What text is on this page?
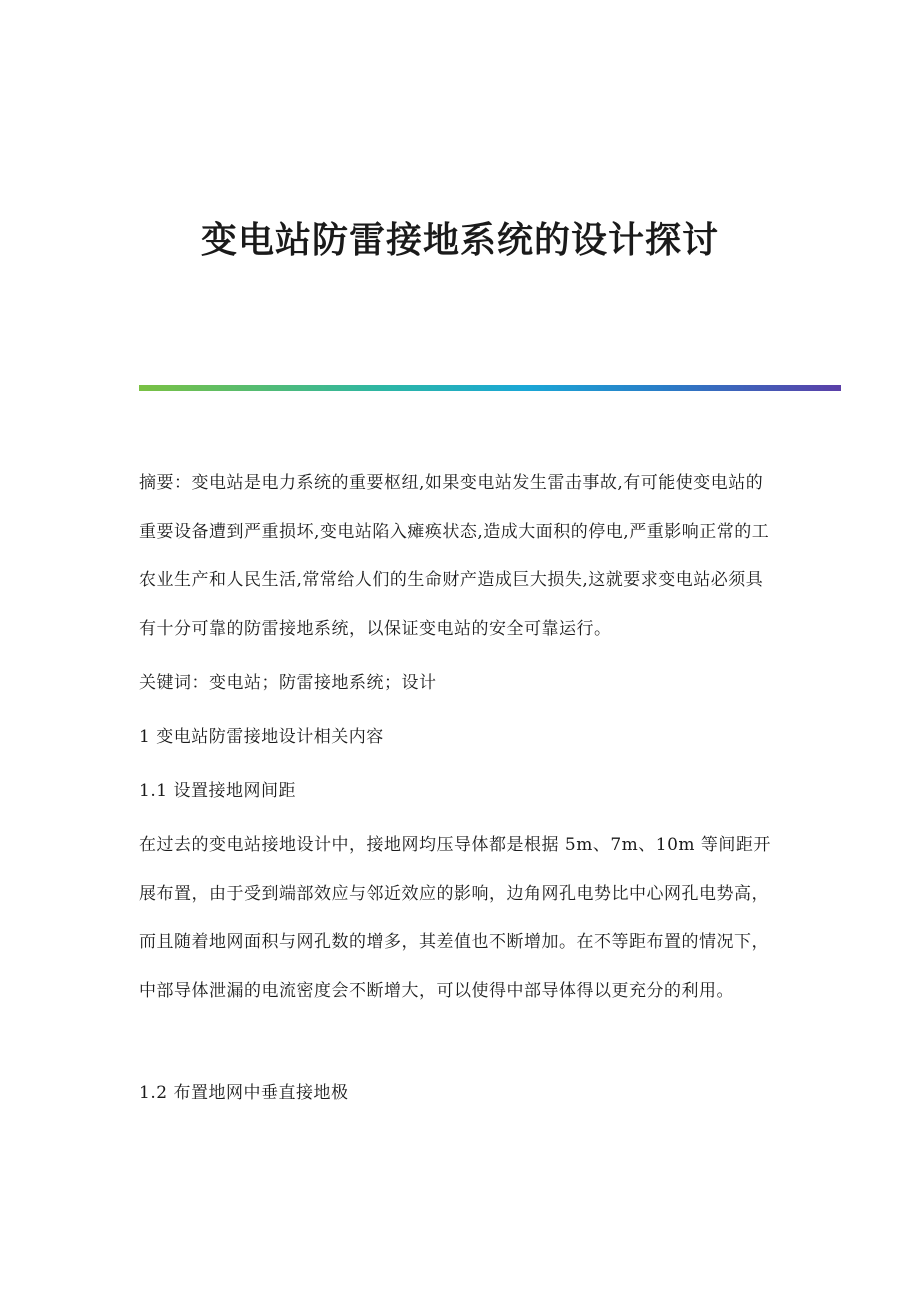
变电站防雷接地系统的设计探讨

摘要：变电站是电力系统的重要枢纽,如果变电站发生雷击事故,有可能使变电站的重要设备遭到严重损坏,变电站陷入瘫痪状态,造成大面积的停电,严重影响正常的工农业生产和人民生活,常常给人们的生命财产造成巨大损失,这就要求变电站必须具有十分可靠的防雷接地系统，以保证变电站的安全可靠运行。

关键词：变电站；防雷接地系统；设计

1 变电站防雷接地设计相关内容

1.1 设置接地网间距

在过去的变电站接地设计中，接地网均压导体都是根据 5m、7m、10m 等间距开展布置，由于受到端部效应与邻近效应的影响，边角网孔电势比中心网孔电势高，而且随着地网面积与网孔数的增多，其差值也不断增加。在不等距布置的情况下，中部导体泄漏的电流密度会不断增大，可以使得中部导体得以更充分的利用。

1.2 布置地网中垂直接地极
